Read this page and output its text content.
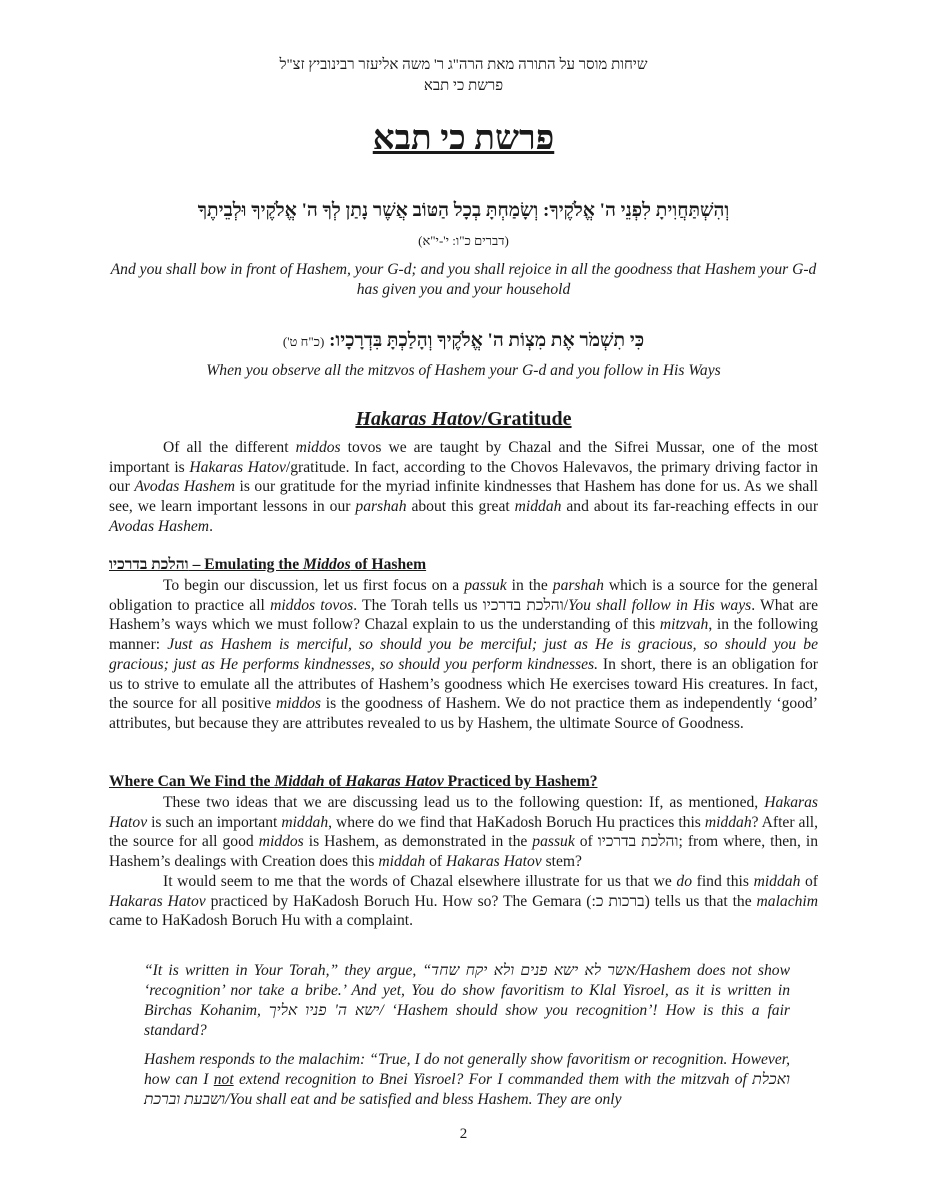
שיחות מוסר על התורה מאת הרה"ג ר' משה אליעזר רבינוביץ זצ"ל
פרשת כי תבא
פרשת כי תבא
וְהִשְׁתַּחֲוִיתָ לִפְנֵי ה' אֱלֹקֶיךָ: וְשָׂמַחְתָּ בְכָל הַטּוֹב אֲשֶׁר נָתַן לְךָ ה' אֱלֹקֶיךָ וּלְבֵיתֶךָ
(דברים כ"ו: י'-י"א)
And you shall bow in front of Hashem, your G-d; and you shall rejoice in all the goodness that Hashem your G-d has given you and your household
כִּי תִשְׁמֹר אֶת מִצְוֹת ה' אֱלֹקֶיךָ וְהָלַכְתָּ בִּדְרָכָיו: (כ"ח ט')
When you observe all the mitzvos of Hashem your G-d and you follow in His Ways
Hakaras Hatov/Gratitude

Of all the different middos tovos we are taught by Chazal and the Sifrei Mussar, one of the most important is Hakaras Hatov/gratitude. In fact, according to the Chovos Halevavos, the primary driving factor in our Avodas Hashem is our gratitude for the myriad infinite kindnesses that Hashem has done for us. As we shall see, we learn important lessons in our parshah about this great middah and about its far-reaching effects in our Avodas Hashem.

והלכת בדרכיו – Emulating the Middos of Hashem

To begin our discussion, let us first focus on a passuk in the parshah which is a source for the general obligation to practice all middos tovos. The Torah tells us והלכת בדרכיו/You shall follow in His ways. What are Hashem’s ways which we must follow? Chazal explain to us the understanding of this mitzvah, in the following manner: Just as Hashem is merciful, so should you be merciful; just as He is gracious, so should you be gracious; just as He performs kindnesses, so should you perform kindnesses. In short, there is an obligation for us to strive to emulate all the attributes of Hashem’s goodness which He exercises toward His creatures. In fact, the source for all positive middos is the goodness of Hashem. We do not practice them as independently ‘good’ attributes, but because they are attributes revealed to us by Hashem, the ultimate Source of Goodness.

Where Can We Find the Middah of Hakaras Hatov Practiced by Hashem?

These two ideas that we are discussing lead us to the following question: If, as mentioned, Hakaras Hatov is such an important middah, where do we find that HaKadosh Boruch Hu practices this middah? After all, the source for all good middos is Hashem, as demonstrated in the passuk of והלכת בדרכיו; from where, then, in Hashem’s dealings with Creation does this middah of Hakaras Hatov stem?

It would seem to me that the words of Chazal elsewhere illustrate for us that we do find this middah of Hakaras Hatov practiced by HaKadosh Boruch Hu. How so? The Gemara (ברכות כ:) tells us that the malachim came to HaKadosh Boruch Hu with a complaint.

“It is written in Your Torah,” they argue, “אשר לא ישא פנים ולא יקח שחד/Hashem does not show ‘recognition’ nor take a bribe.’ And yet, You do show favoritism to Klal Yisroel, as it is written in Birchas Kohanim, ישא ה' פניו אליך/ ‘Hashem should show you recognition’! How is this a fair standard?
Hashem responds to the malachim: “True, I do not generally show favoritism or recognition. However, how can I not extend recognition to Bnei Yisroel? For I commanded them with the mitzvah of ואכלת ושבעת וברכת/You shall eat and be satisfied and bless Hashem. They are only
2
